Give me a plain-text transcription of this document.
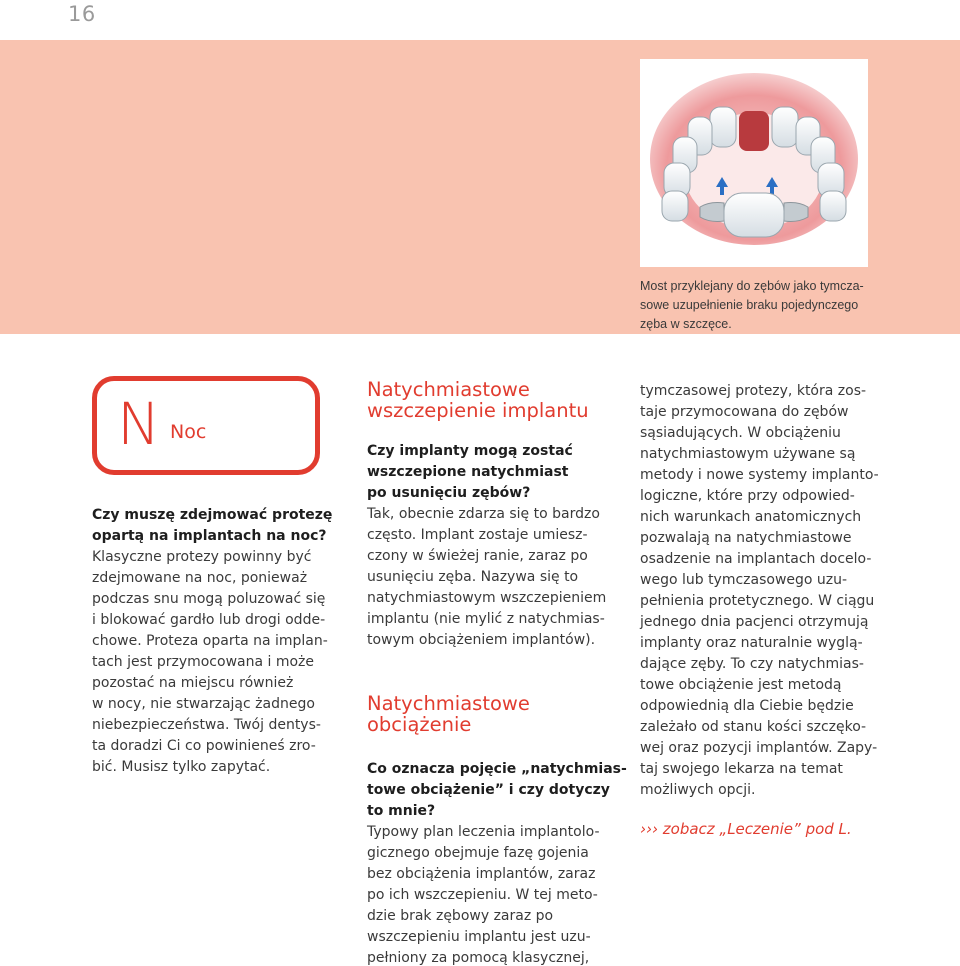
16
Most przyklejany do zębów jako tymcza-
sowe uzupełnienie braku pojedynczego
zęba w szczęce.
N Noc
Czy muszę zdejmować protezę
opartą na implantach na noc?
Klasyczne protezy powinny być
zdejmowane na noc, ponieważ
podczas snu mogą poluzować się
i blokować gardło lub drogi odde-
chowe. Proteza oparta na implan-
tach jest przymocowana i może
pozostać na miejscu również
w nocy, nie stwarzając żadnego
niebezpieczeństwa. Twój dentys-
ta doradzi Ci co powinieneś zro-
bić. Musisz tylko zapytać.
Natychmiastowe
wszczepienie implantu
Czy implanty mogą zostać
wszczepione natychmiast
po usunięciu zębów?
Tak, obecnie zdarza się to bardzo
często. Implant zostaje umiesz-
czony w świeżej ranie, zaraz po
usunięciu zęba. Nazywa się to
natychmiastowym wszczepieniem
implantu (nie mylić z natychmias-
towym obciążeniem implantów).
Natychmiastowe
obciążenie
Co oznacza pojęcie „natychmias-
towe obciążenie” i czy dotyczy
to mnie?
Typowy plan leczenia implantolo-
gicznego obejmuje fazę gojenia
bez obciążenia implantów, zaraz
po ich wszczepieniu. W tej meto-
dzie brak zębowy zaraz po
wszczepieniu implantu jest uzu-
pełniony za pomocą klasycznej,
tymczasowej protezy, która zos-
taje przymocowana do zębów
sąsiadujących. W obciążeniu
natychmiastowym używane są
metody i nowe systemy implanto-
logiczne, które przy odpowied-
nich warunkach anatomicznych
pozwalają na natychmiastowe
osadzenie na implantach docelo-
wego lub tymczasowego uzu-
pełnienia protetycznego. W ciągu
jednego dnia pacjenci otrzymują
implanty oraz naturalnie wyglą-
dające zęby. To czy natychmias-
towe obciążenie jest metodą
odpowiednią dla Ciebie będzie
zależało od stanu kości szczęko-
wej oraz pozycji implantów. Zapy-
taj swojego lekarza na temat
możliwych opcji.
››› zobacz „Leczenie” pod L.
